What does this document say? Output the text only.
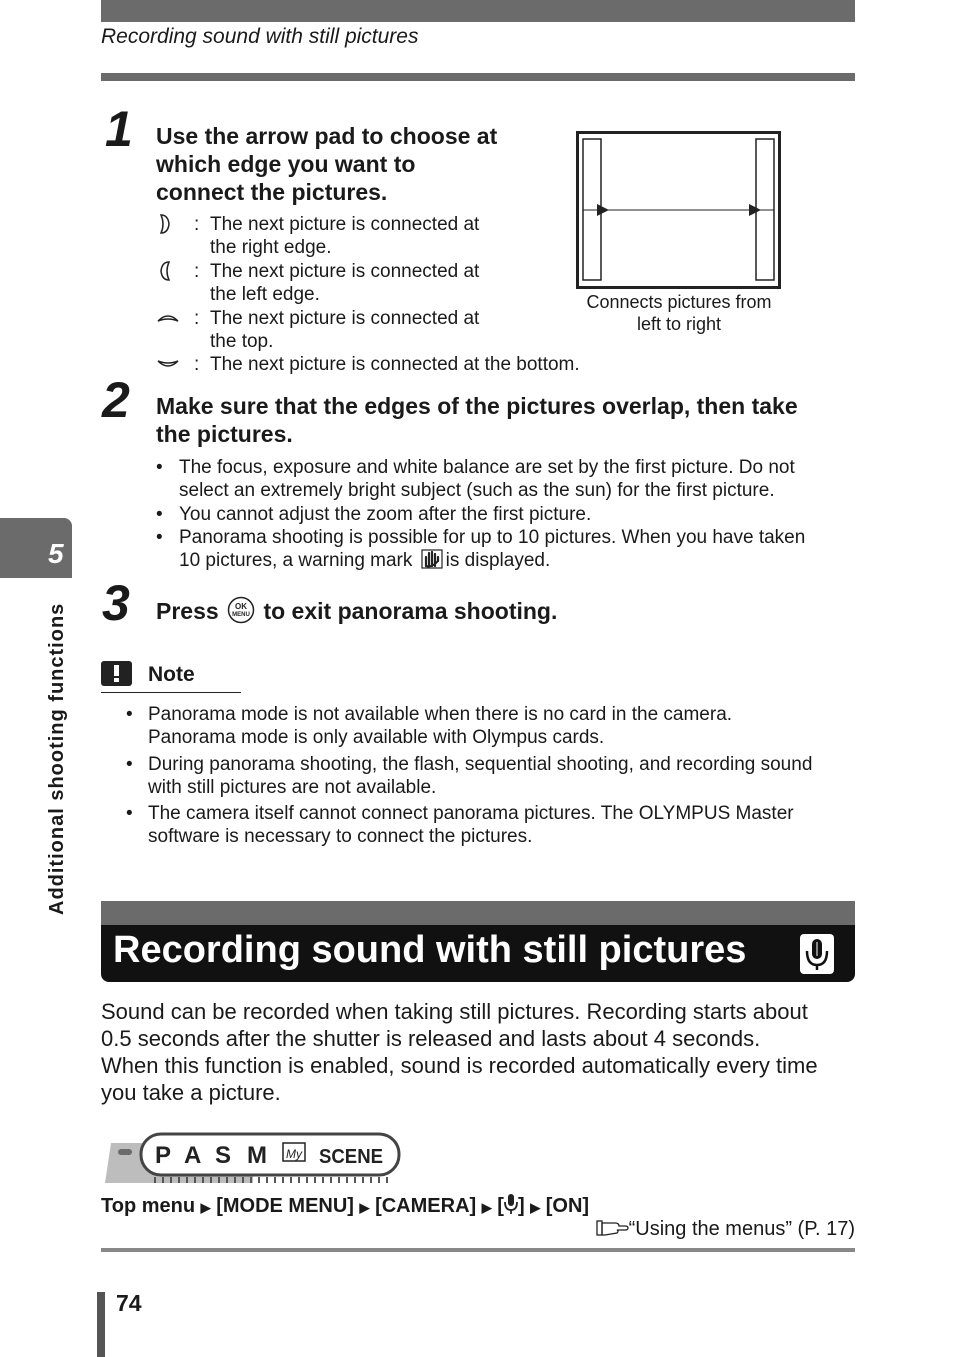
Recording sound with still pictures
5
Additional shooting functions
1 Use the arrow pad to choose at
which edge you want to
connect the pictures.
: The next picture is connected at
the right edge.
: The next picture is connected at
the left edge.
: The next picture is connected at
the top.
: The next picture is connected at the bottom.
Connects pictures from
left to right
2 Make sure that the edges of the pictures overlap, then take
the pictures.
• The focus, exposure and white balance are set by the first picture. Do not
select an extremely bright subject (such as the sun) for the first picture.
• You cannot adjust the zoom after the first picture.
• Panorama shooting is possible for up to 10 pictures. When you have taken
10 pictures, a warning mark is displayed.
3 Press OK
MENU to exit panorama shooting.
Note
• Panorama mode is not available when there is no card in the camera.
Panorama mode is only available with Olympus cards.
• During panorama shooting, the flash, sequential shooting, and recording sound
with still pictures are not available.
• The camera itself cannot connect panorama pictures. The OLYMPUS Master
software is necessary to connect the pictures.
Recording sound with still pictures
Sound can be recorded when taking still pictures. Recording starts about
0.5 seconds after the shutter is released and lasts about 4 seconds.
When this function is enabled, sound is recorded automatically every time
you take a picture.
P A S M My SCENE
Top menu ▶ [MODE MENU] ▶ [CAMERA] ▶ [ ] ▶ [ON]
“Using the menus” (P. 17)
74
